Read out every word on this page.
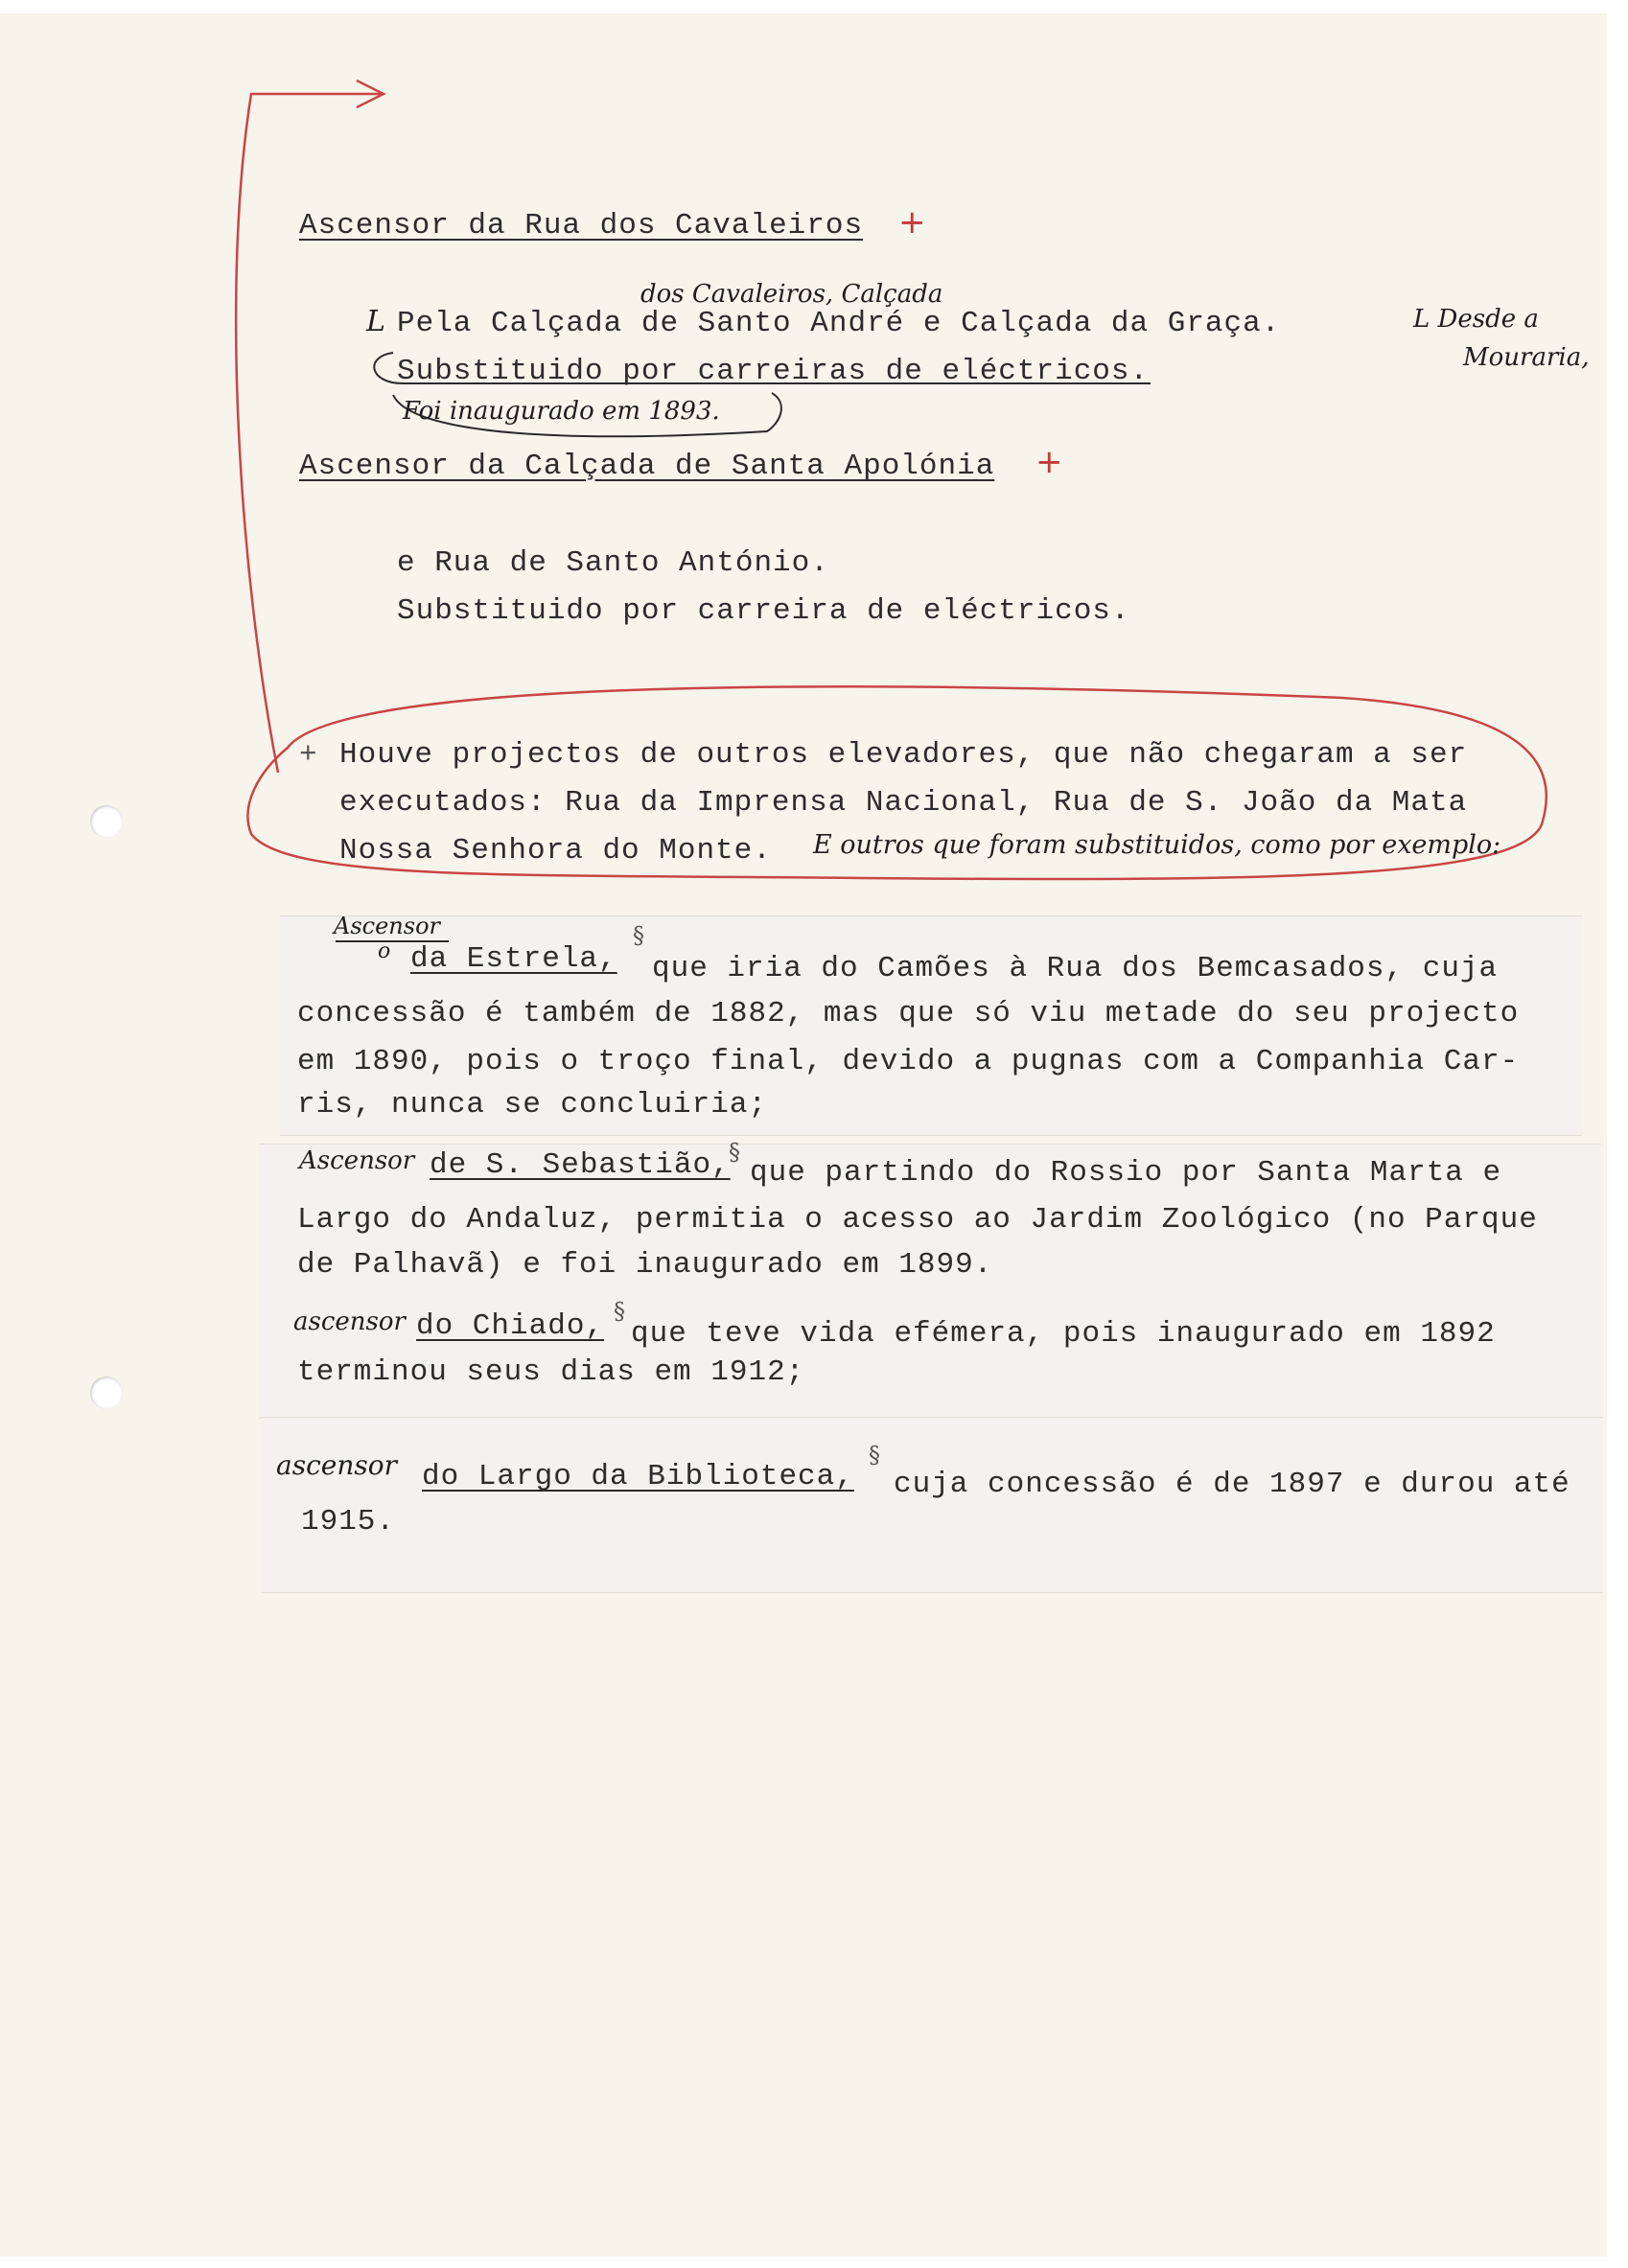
Ascensor da Rua dos Cavaleiros +
dos Cavaleiros, Calçada
L Pela Calçada de Santo André e Calçada da Graça.
Substituido por carreiras de eléctricos.
Foi inaugurado em 1893.
L Desde a
Mouraria,
Ascensor da Calçada de Santa Apolónia +
e Rua de Santo António.
Substituido por carreira de eléctricos.
+ Houve projectos de outros elevadores, que não chegaram a ser
executados: Rua da Imprensa Nacional, Rua de S. João da Mata
Nossa Senhora do Monte. E outros que foram substituidos, como por exemplo:
Ascensor
o da Estrela,
§
que iria do Camões à Rua dos Bemcasados, cuja
concessão é também de 1882, mas que só viu metade do seu projecto
em 1890, pois o troço final, devido a pugnas com a Companhia Car-
ris, nunca se concluiria;
Ascensor de S. Sebastião,
§
que partindo do Rossio por Santa Marta e
Largo do Andaluz, permitia o acesso ao Jardim Zoológico (no Parque
de Palhavã) e foi inaugurado em 1899.
ascensor do Chiado, §
que teve vida efémera, pois inaugurado em 1892
terminou seus dias em 1912;
ascensor do Largo da Biblioteca,
§
cuja concessão é de 1897 e durou até
1915.
